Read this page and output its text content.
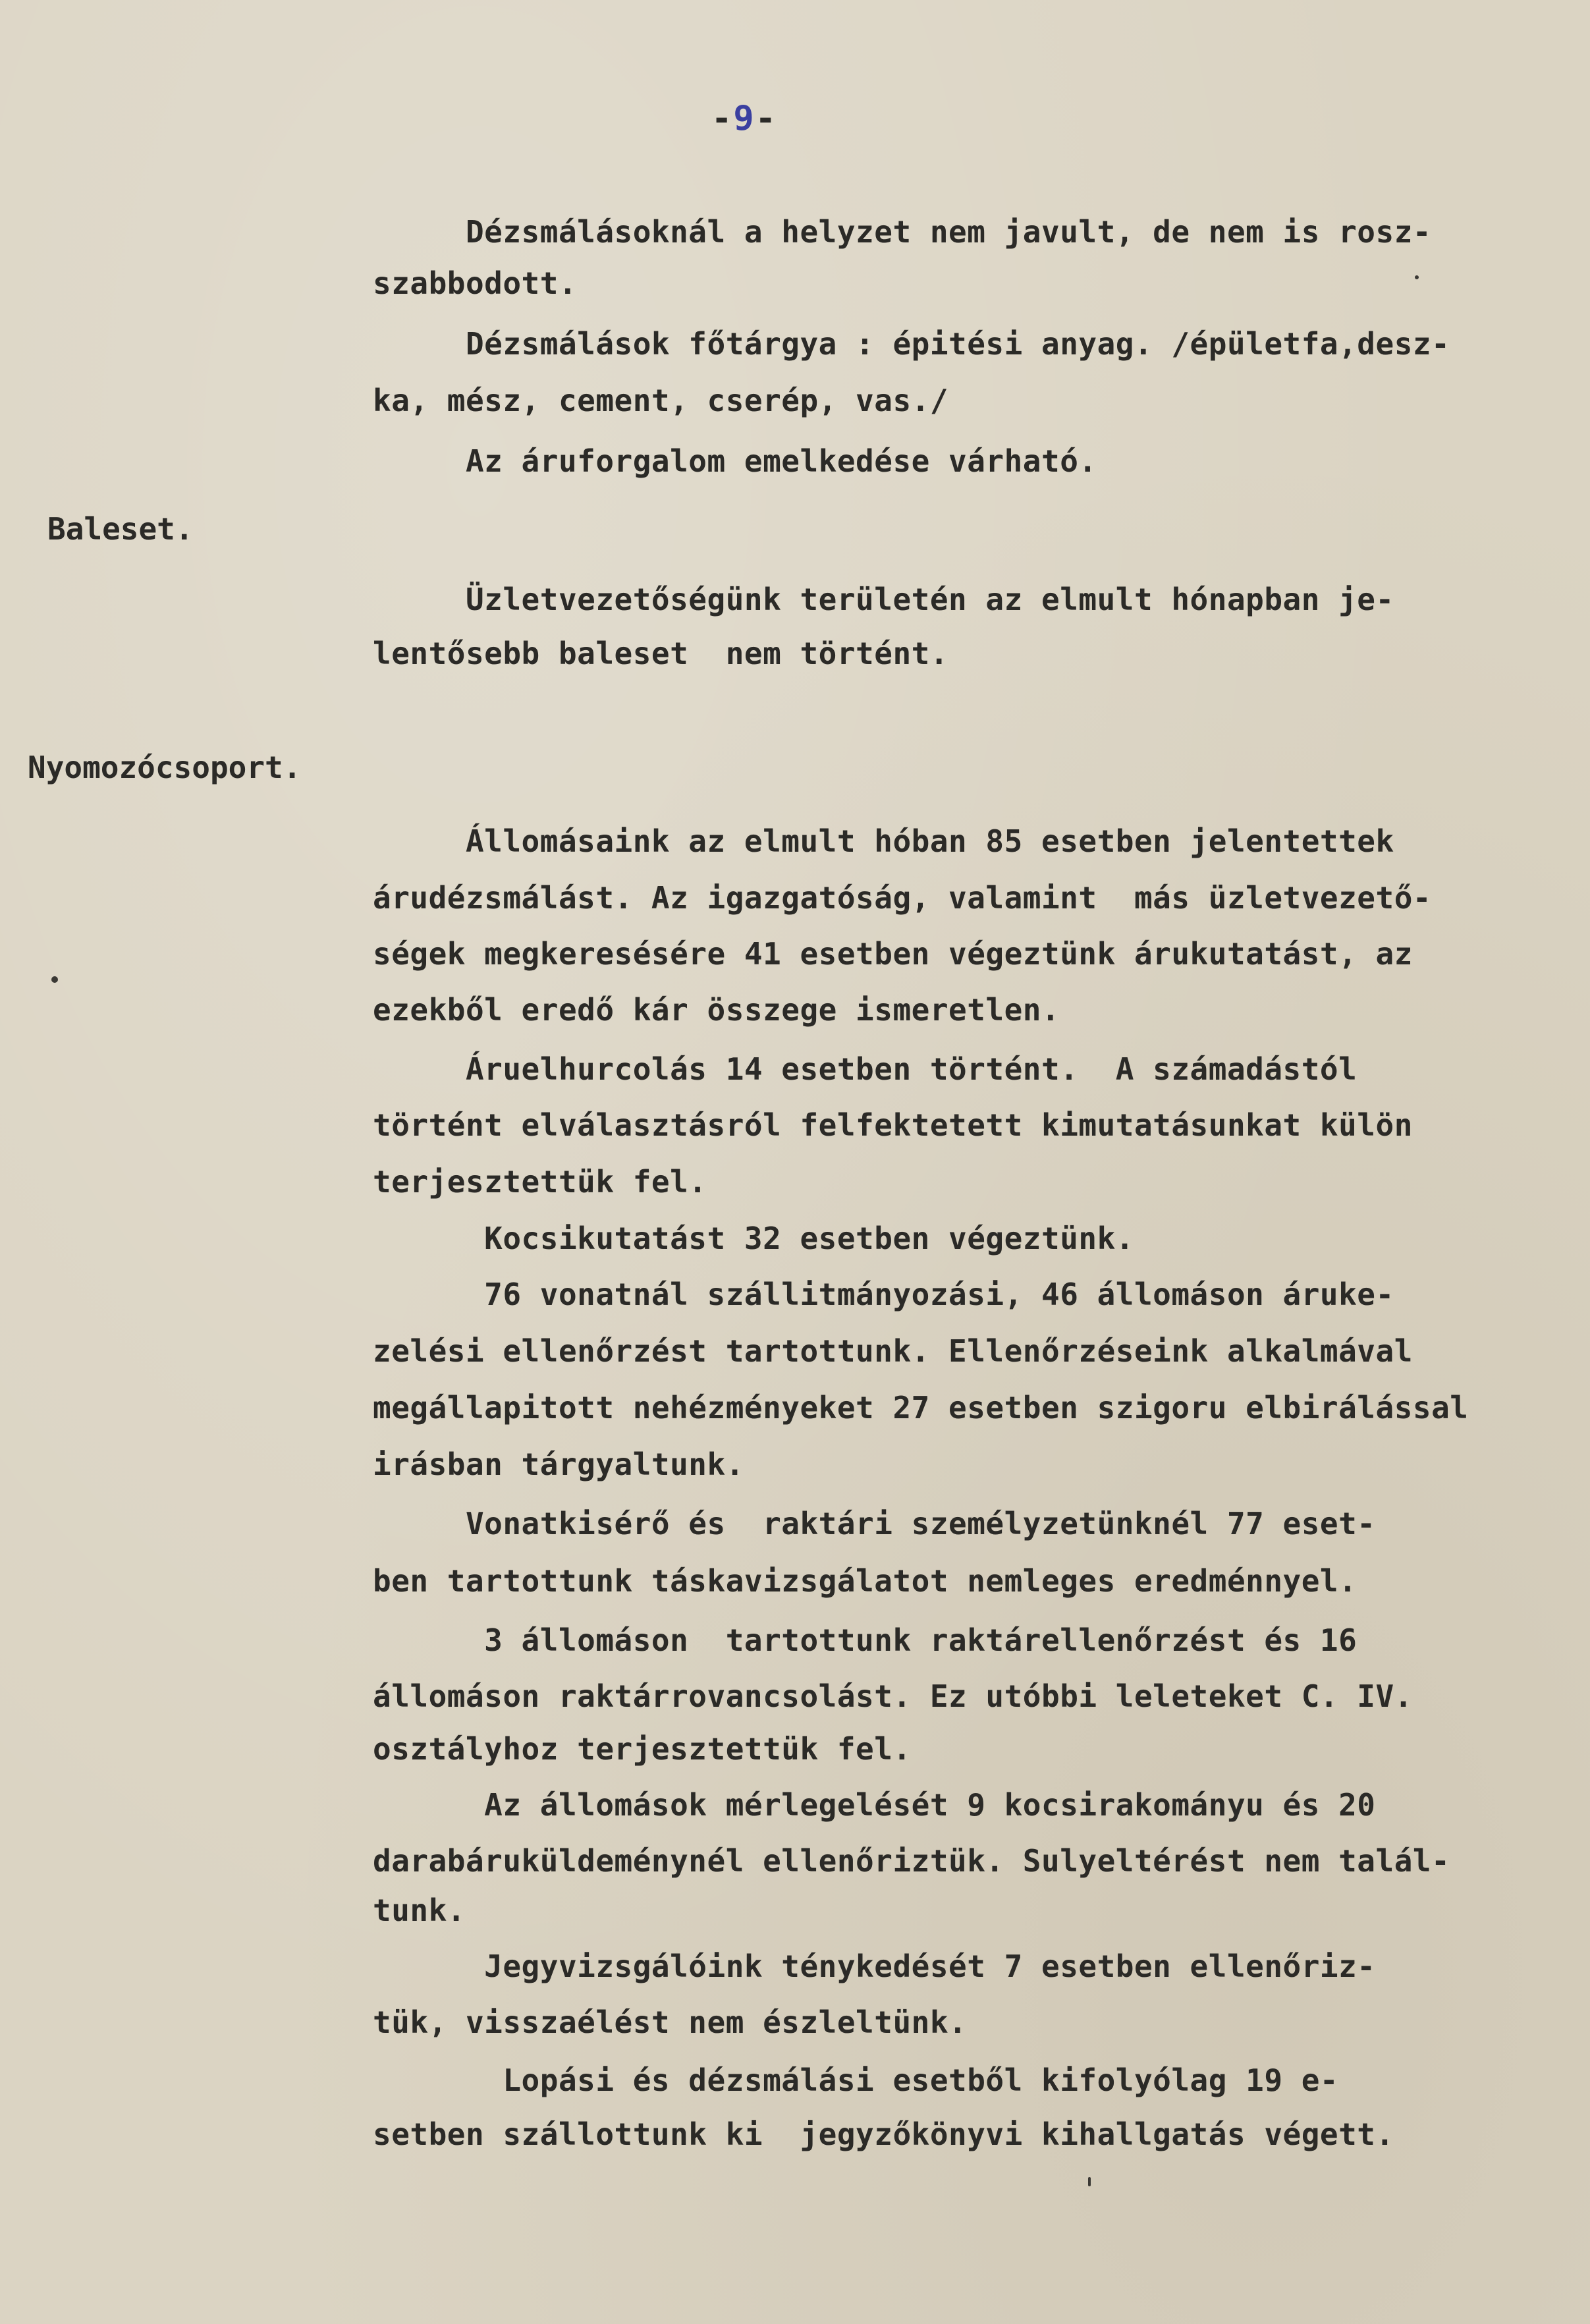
-9-
Baleset.
Nyomozócsoport.
Dézsmálásoknál a helyzet nem javult, de nem is rosz-
szabbodott.
Dézsmálások főtárgya : épitési anyag. /épületfa,desz-
ka, mész, cement, cserép, vas./
Az áruforgalom emelkedése várható.
Üzletvezetőségünk területén az elmult hónapban je-
lentősebb baleset  nem történt.
Állomásaink az elmult hóban 85 esetben jelentettek
árudézsmálást. Az igazgatóság, valamint  más üzletvezető-
ségek megkeresésére 41 esetben végeztünk árukutatást, az
ezekből eredő kár összege ismeretlen.
Áruelhurcolás 14 esetben történt.  A számadástól
történt elválasztásról felfektetett kimutatásunkat külön
terjesztettük fel.
Kocsikutatást 32 esetben végeztünk.
76 vonatnál szállitmányozási, 46 állomáson áruke-
zelési ellenőrzést tartottunk. Ellenőrzéseink alkalmával
megállapitott nehézményeket 27 esetben szigoru elbirálással
irásban tárgyaltunk.
Vonatkisérő és  raktári személyzetünknél 77 eset-
ben tartottunk táskavizsgálatot nemleges eredménnyel.
3 állomáson  tartottunk raktárellenőrzést és 16
állomáson raktárrovancsolást. Ez utóbbi leleteket C. IV.
osztályhoz terjesztettük fel.
Az állomások mérlegelését 9 kocsirakományu és 20
darabáruküldeménynél ellenőriztük. Sulyeltérést nem talál-
tunk.
Jegyvizsgálóink ténykedését 7 esetben ellenőriz-
tük, visszaélést nem észleltünk.
Lopási és dézsmálási esetből kifolyólag 19 e-
setben szállottunk ki  jegyzőkönyvi kihallgatás végett.
